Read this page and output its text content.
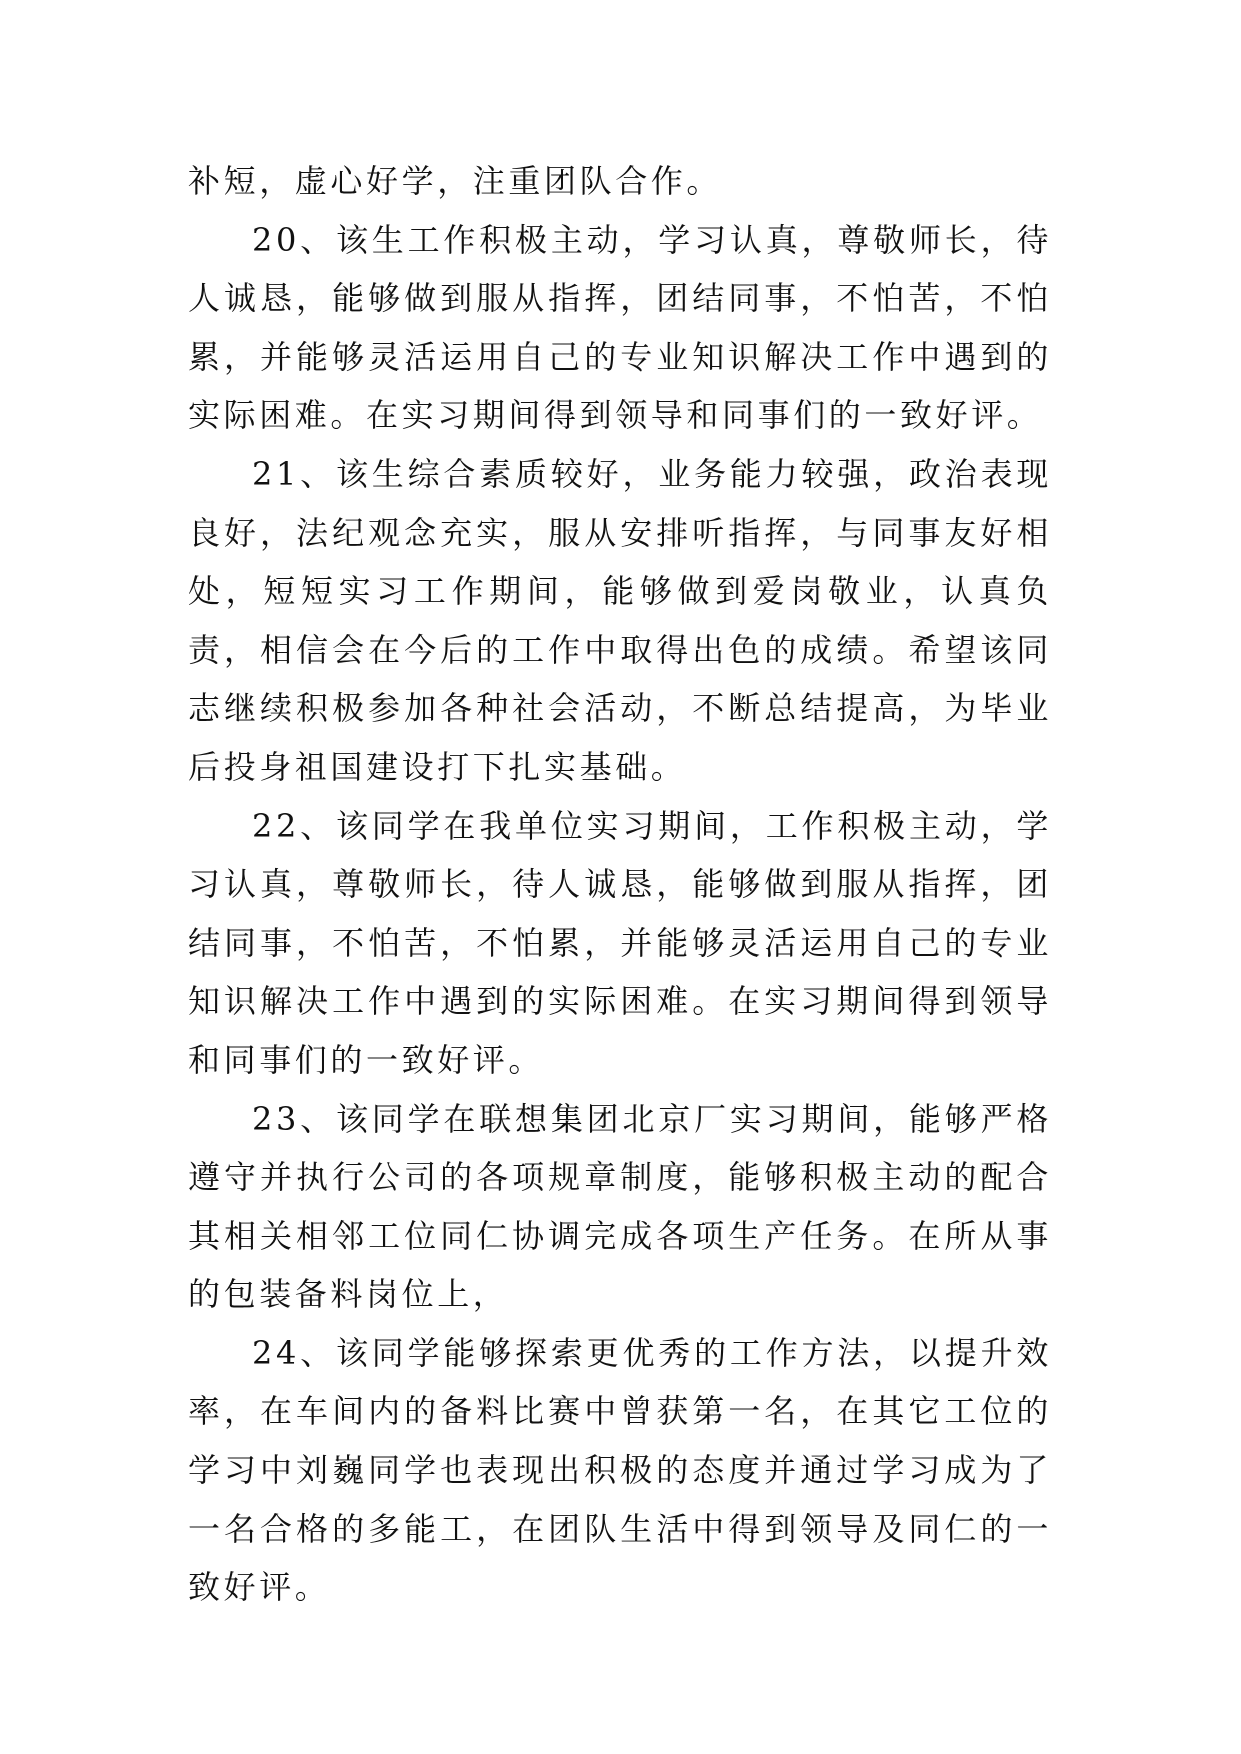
补短，虚心好学，注重团队合作。

20、该生工作积极主动，学习认真，尊敬师长，待人诚恳，能够做到服从指挥，团结同事，不怕苦，不怕累，并能够灵活运用自己的专业知识解决工作中遇到的实际困难。在实习期间得到领导和同事们的一致好评。

21、该生综合素质较好，业务能力较强，政治表现良好，法纪观念充实，服从安排听指挥，与同事友好相处，短短实习工作期间，能够做到爱岗敬业，认真负责，相信会在今后的工作中取得出色的成绩。希望该同志继续积极参加各种社会活动，不断总结提高，为毕业后投身祖国建设打下扎实基础。

22、该同学在我单位实习期间，工作积极主动，学习认真，尊敬师长，待人诚恳，能够做到服从指挥，团结同事，不怕苦，不怕累，并能够灵活运用自己的专业知识解决工作中遇到的实际困难。在实习期间得到领导和同事们的一致好评。

23、该同学在联想集团北京厂实习期间，能够严格遵守并执行公司的各项规章制度，能够积极主动的配合其相关相邻工位同仁协调完成各项生产任务。在所从事的包装备料岗位上，

24、该同学能够探索更优秀的工作方法，以提升效率，在车间内的备料比赛中曾获第一名，在其它工位的学习中刘巍同学也表现出积极的态度并通过学习成为了一名合格的多能工，在团队生活中得到领导及同仁的一致好评。
